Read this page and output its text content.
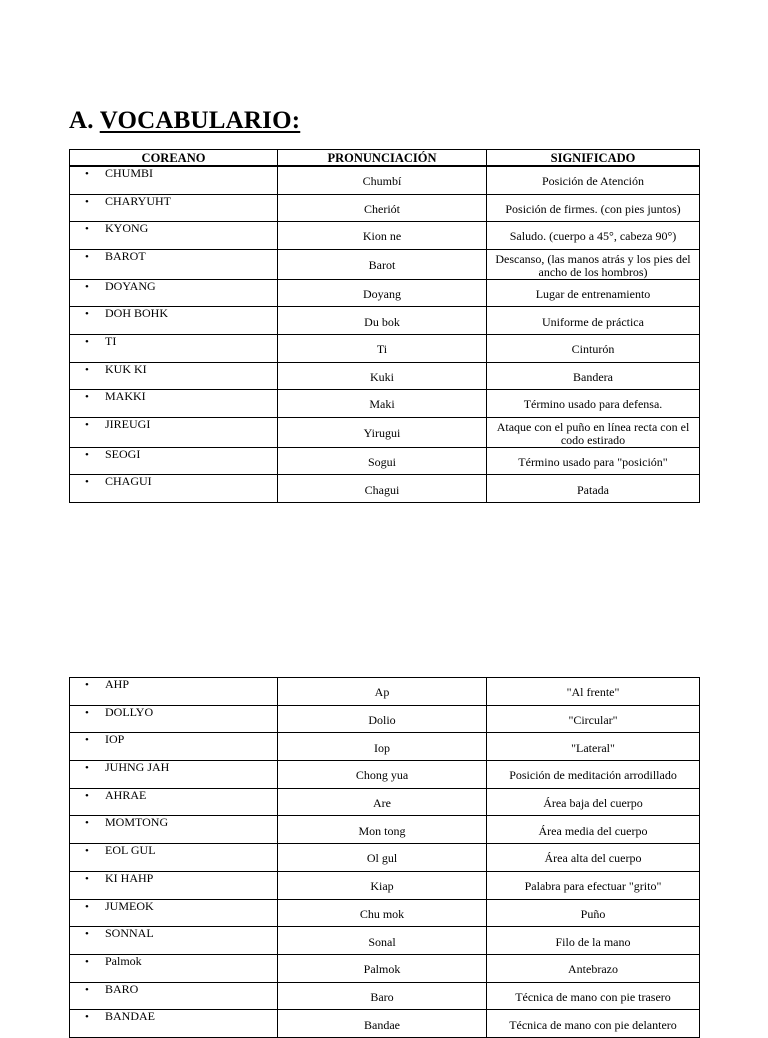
A. VOCABULARIO:
COREANO	PRONUNCIACIÓN	SIGNIFICADO

• CHUMBI	Chumbí	Posición de Atención

• CHARYUHT	Cheriót	Posición de firmes. (con pies juntos)

• KYONG	Kion ne	Saludo. (cuerpo a 45°, cabeza 90°)

• BAROT	Barot	Descanso, (las manos atrás y los pies del ancho de los hombros)

• DOYANG	Doyang	Lugar de entrenamiento

• DOH BOHK	Du bok	Uniforme de práctica

• TI	Ti	Cinturón

• KUK KI	Kuki	Bandera

• MAKKI	Maki	Término usado para defensa.

• JIREUGI	Yirugui	Ataque con el puño en línea recta con el codo estirado

• SEOGI	Sogui	Término usado para "posición"

• CHAGUI	Chagui	Patada
• AHP	Ap	"Al frente"

• DOLLYO	Dolio	"Circular"

• IOP	Iop	"Lateral"

• JUHNG JAH	Chong yua	Posición de meditación arrodillado

• AHRAE	Are	Área baja del cuerpo

• MOMTONG	Mon tong	Área media del cuerpo

• EOL GUL	Ol gul	Área alta del cuerpo

• KI HAHP	Kiap	Palabra para efectuar "grito"

• JUMEOK	Chu mok	Puño

• SONNAL	Sonal	Filo de la mano

• Palmok	Palmok	Antebrazo

• BARO	Baro	Técnica de mano con pie trasero

• BANDAE	Bandae	Técnica de mano con pie delantero
